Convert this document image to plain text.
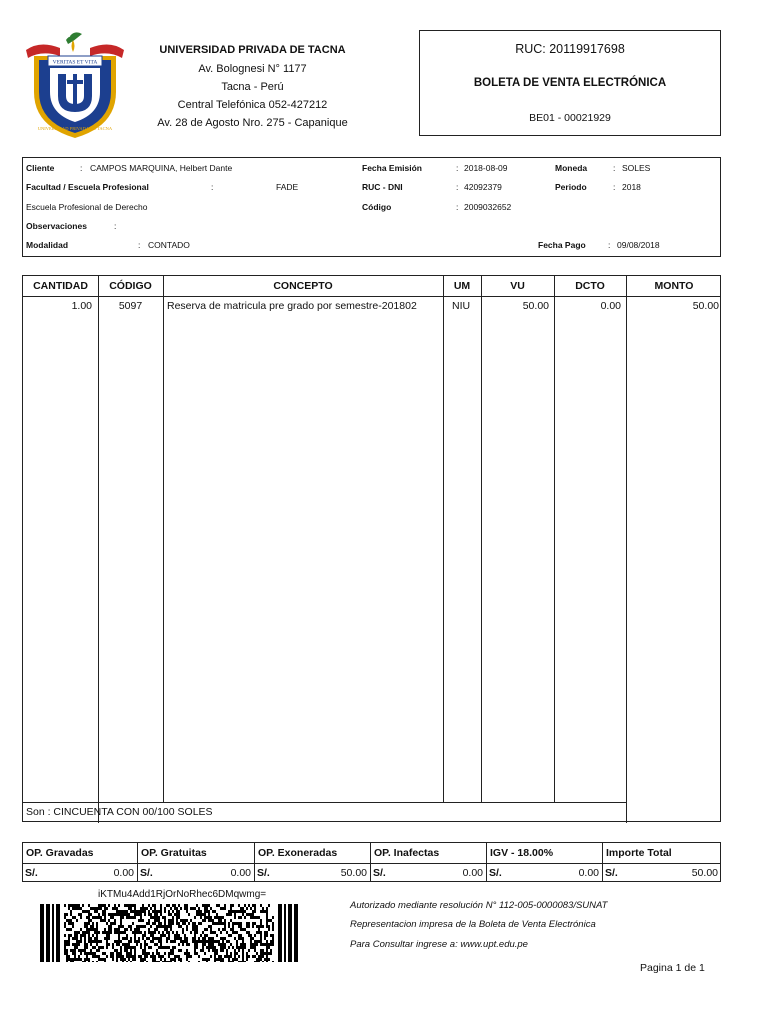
VERITAS ET VITA
UNIVERSIDAD PRIVADA DE TACNA
UNIVERSIDAD PRIVADA DE TACNA
Av. Bolognesi N° 1177
Tacna - Perú
Central Telefónica 052-427212
Av. 28 de Agosto Nro. 275 - Capanique
RUC: 20119917698
BOLETA DE VENTA ELECTRÓNICA
BE01 - 00021929
Cliente	: CAMPOS MARQUINA, Helbert Dante
Facultad / Escuela Profesional	:	FADE
Escuela Profesional de Derecho
Observaciones	:
Modalidad	: CONTADO
Fecha Emisión	: 2018-08-09
RUC - DNI	: 42092379
Código	: 2009032652
Moneda	: SOLES
Periodo	: 2018
Fecha Pago	: 09/08/2018
CANTIDAD	CÓDIGO	CONCEPTO	UM	VU	DCTO	MONTO
1.00	5097	Reserva de matricula pre grado por semestre-201802	NIU	50.00	0.00	50.00
Son : CINCUENTA CON 00/100 SOLES
OP. Gravadas	OP. Gratuitas	OP. Exoneradas	OP. Inafectas	IGV - 18.00%	Importe Total
S/.	0.00 S/.	0.00 S/.	50.00 S/.	0.00 S/.	0.00 S/.	50.00
iKTMu4Add1RjOrNoRhec6DMqwmg=
Autorizado mediante resolución N° 112-005-0000083/SUNAT
Representacion impresa de la Boleta de Venta Electrónica
Para Consultar ingrese a: www.upt.edu.pe
Pagina 1 de 1
